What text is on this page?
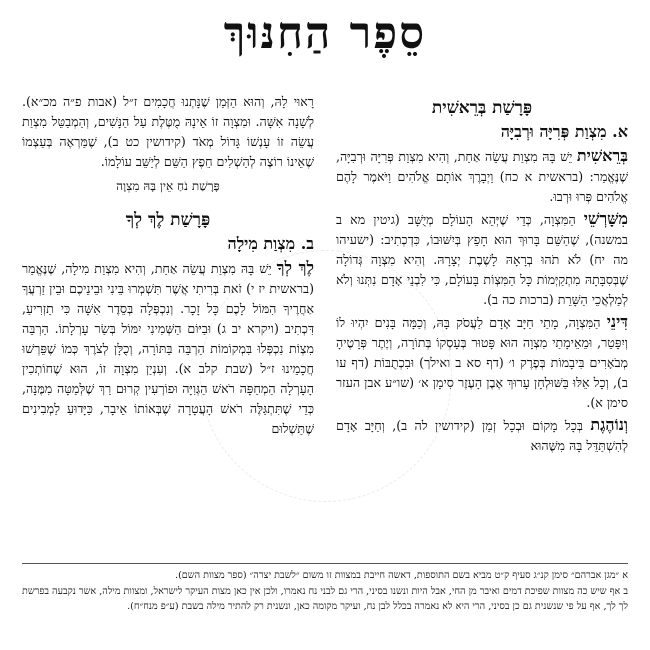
סֵפֶר הַחִנּוּךְ
פָּרָשַׁת בְּרֵאשִׁית
א. מִצְוַת פְּרִיָּה וּרְבִיָּה

בְּרֵאשִׁית יֵשׁ בָּהּ מִצְוַת עֲשֵׂה אַחַת, וְהִיא מִצְוַת פְּרִיָּה וּרְבִיָּה, שֶׁנֶּאֱמַר: (בראשית א כח) וַיְבָרֶךְ אוֹתָם אֱלֹהִים וַיֹּאמֶר לָהֶם אֱלֹהִים פְּרוּ וּרְבוּ.

מִשָּׁרְשֵׁי הַמִּצְוָה, כְּדֵי שֶׁיְּהֵא הָעוֹלָם מְיֻשָּׁב (גיטין מא ב במשנה), שֶׁהַשֵּׁם בָּרוּךְ הוּא חָפֵץ בְּיִשּׁוּבוֹ, כִּדְכְתִיב: (ישעיהו מה יח) לֹא תֹהוּ בְרָאָהּ לָשֶׁבֶת יְצָרָהּ. וְהִיא מִצְוָה גְּדוֹלָה שֶׁבְּסִבָּתָהּ מִתְקַיְּמוֹת כָּל הַמִּצְוֹת בָּעוֹלָם, כִּי לִבְנֵי אָדָם נִתְּנוּ וְלֹא לְמַלְאֲכֵי הַשָּׁרֵת (ברכות כה ב).

דִּינֵי הַמִּצְוָה, מָתַי חַיָּב אָדָם לַעֲסֹק בָּהּ, וְכַמָּה בָּנִים יִהְיוּ לוֹ וְיִפָּטֵר, וּמֵאֵימָתַי מִצְוָה הוּא פָּטוּר בְּעָסְקוֹ בְּתוֹרָה, וְיֶתֶר פְּרָטֶיהָ מְבֹאָרִים בִּיבָמוֹת בְּפֶרֶק ו׳ (דף סא ב ואילך) וּבִכְתֻבּוֹת (דף עו ב), וְכָל אֵלּוּ בַּשּׁוּלְחָן עָרוּךְ אֶבֶן הָעֶזֶר סִימָן א׳ (שו״ע אבן העזר סימן א).

וְנוֹהֶגֶת בְּכָל מָקוֹם וּבְכָל זְמַן (קידושין לה ב), וְחַיָּב אָדָם לְהִשְׁתַּדֵּל בָּהּ מִשֶּׁהוּא

רָאוּי לָהּ, וְהוּא הַזְּמַן שֶׁנָּתְנוּ חֲכָמִים ז״ל (אבות פ״ה מכ״א). לְשָׁנָה אִשָּׁה. וּמִצְוָה זוֹ אֵינָהּ מֻטֶּלֶת עַל הַנָּשִׁים, וְהַמְבַטֵּל מִצְוַת עֲשֵׂה זוֹ עָנְשׁוֹ גָּדוֹל מְאֹד (קידושין כט ב), שֶׁמַּרְאֶה בְּעַצְמוֹ שֶׁאֵינוֹ רוֹצֶה לְהַשְׁלִים חֵפֶץ הַשֵּׁם לְיַשֵּׁב עוֹלָמוֹ.

פָּרָשַׁת נֹחַ אֵין בָּהּ מִצְוָה
פָּרָשַׁת לֶךְ לְךָ
ב. מִצְוַת מִילָה

לֶךְ לְךָ יֵשׁ בָּהּ מִצְוַת עֲשֵׂה אַחַת, וְהִיא מִצְוַת מִילָה, שֶׁנֶּאֱמַר (בראשית יז י) זֹאת בְּרִיתִי אֲשֶׁר תִּשְׁמְרוּ בֵּינִי וּבֵינֵיכֶם וּבֵין זַרְעֲךָ אַחֲרֶיךָ הִמּוֹל לָכֶם כָּל זָכָר. וְנִכְפְּלָה בְּסֵדֶר אִשָּׁה כִּי תַזְרִיעַ, דִּכְתִיב (ויקרא יב ג) וּבַיּוֹם הַשְּׁמִינִי יִמּוֹל בְּשַׂר עָרְלָתוֹ. הַרְבֵּה מִצְוֹת נִכְפְּלוּ בִּמְקוֹמוֹת הַרְבֵּה בַּתּוֹרָה, וְכֻלָּן לְצֹרֶךְ כְּמוֹ שֶׁפֵּרְשׁוּ חֲכָמֵינוּ ז״ל (שבת קלב א). וְעִנְיַן מִצְוָה זוֹ, הוּא שֶׁחוֹתְכִין הָעָרְלָה הַמְחַפָּה רֹאשׁ הַגְּוִיָּה וּפוֹרְעִין קְרוּם רַךְ שֶׁלְּמַטָּה מִמֶּנָּה, כְּדֵי שֶׁתִּתְגַּלֶּה רֹאשׁ הָעֲטָרָה שֶׁבְּאוֹתוֹ אֵיבָר, כַּיָּדוּעַ לַמְבִינִים שֶׁתַּשְׁלוּם

א ״מגן אברהם״ סימן קנ״ג סעיף ק״ט מביא בשם התוספות, דאשה חייבת במצוות זו משום ״לשבת יצרה״ (ספר מצוות השם).

ב אף שיש כה מצוות שפיכת דמים ואיבר מן החי, אבל היות ונשנו בסיני, הרי גם לבני נח נאמרו, ולכן אין כאן מצות העיקר לישראל, ומצוות מילה, אשר נקבעה בפרשת לך לך, אף על פי שנשנית גם כן בסיני, הרי היא לא נאמרה בכלל לבן נח, ועיקר מקומה כאן, ונשנית רק להתיר מילה בשבת (ע״פ מנח״ח).
